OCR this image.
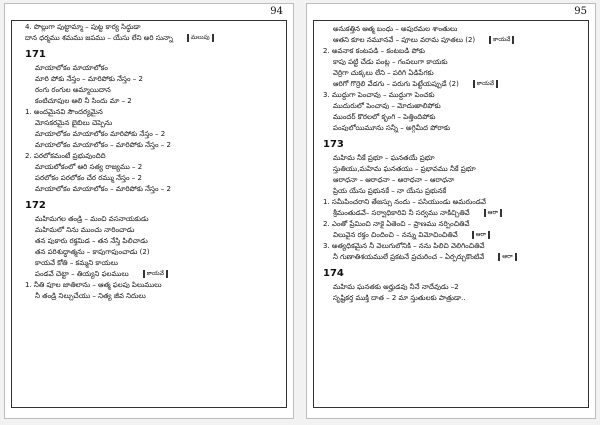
94
4. పొల్లుగా పుట్టామ్మా – పుట్ట కార్య సిద్ధుడా
దాన ధర్మము శమము జపము – యేసు లేని అరి సున్నా	మలుపు
171
మాయాలోకం మాయాలోకం
మారి పోకు నేస్తం – మారిపోకు నేస్తం – 2
రంగు రంగుల అమ్మాయిదాన
కంటిచూపుల ఆలి నీ సిందు మా – 2
1. అందమైనవి సౌందర్యమైన
మోసకరమైన బైబిలు చెప్పెను
మాయాలోకం మాయాలోకం మారిపోకు నేస్తం – 2
మాయాలోకం మాయాలోకం – మారిపోకు నేస్తం – 2
2. పరలోకమంటే ప్రభువుందిది
మాయలోకంలో ఆరి సత్య రాజ్యము – 2
పరలోకం పరలోకం చేర రమ్ము నేస్తం – 2
మాయాలోకం మాయాలోకం – మారిపోకు నేస్తం – 2
172
మహిమగల తండ్రి – మంచి వసనాయకుడు
మహిమలో నిను ముంచు నారించాడు
తన పుకారు రక్తమిడ – తన నేస్తి పిలిచాడు
తన పరిశుద్ధాత్మను – కాపుగాపుంచాడు (2)
కాయవే కోతి – కమ్మని కాయలు
పండవే చెట్టా – తియ్యని ఫలములు	కాయవే
1. నీతి పూల జాతిలాను – ఆత్మ ఫలపు పిలుములు
నీ తండ్రి నిల్చుచేయు – నిత్య జీవ నిదులు
95
అనుకత్తిన ఆత్మ బంధు – అపురమల శాంతులు
ఆతని కూల నమూనవే – పూలు వరామ పూతలు (2)	కాయవే
2. అవనాక కంటపడి – కంటబడి పోకు
కాపు పట్టి చేడు పంట్ల – గంపలుగా కాయకు
వెర్రిగా చుక్కలు లేని – పరిగి ఏడిపేగకు
ఆరిగో గొర్రెలి వేడగు – పరుగు పెట్టేయప్పుడే (2)	కాయవే
3. ముద్దుగా పెంచావు – ముద్దుగా పెంచకు
ముదురులో పెంచావు – మోదుఱాలిపోకు
ముందర్ కొరలలో కృంగి – పెత్తిందిపోకు
పంపులోయిమూను సన్నీ – అగ్గిమీద పోరాకు
173
మహిమ నీకే ప్రభూ – ఘనతయే ప్రభూ
స్తుతియు,మహిమ ఘనతయు – ప్రభావము నీకే ప్రభూ
ఆరాధనా – ఆరాధనా – ఆరాధనా – ఆరాధనా
ప్రియ యేసు ప్రభునకే – నా యేసు ప్రభునకే
1. సమీపించరాని తేజస్సు నందు – పసియుండు అమరుండవే
శ్రీమంతుడవే– సర్వాధికారివి నీ సర్వము నాకిచ్చితివే	ఆరా
2. ఎంతో ప్రేమించి నాకై ఏతెంచి – ప్రాణము నర్పించితివే
విలువైన రక్తం చిందించి – నన్ను విమోచించితివే	ఆరా
3. అత్యధికమైన నీ వెలుగులోనికి – నను పిలిచి వెలిగించితివే
నీ గుణాతిశయములే ప్రకటనే ప్రచురించ – ఏర్పర్చుకొంటివే	ఆరా
174
మహిమ ఘనతకు అర్హుడవు నీనే నాదేవుడు –2
సృష్టికర్త ముక్తి దాత – 2 మా స్తుతులకు పాత్రుడా..
